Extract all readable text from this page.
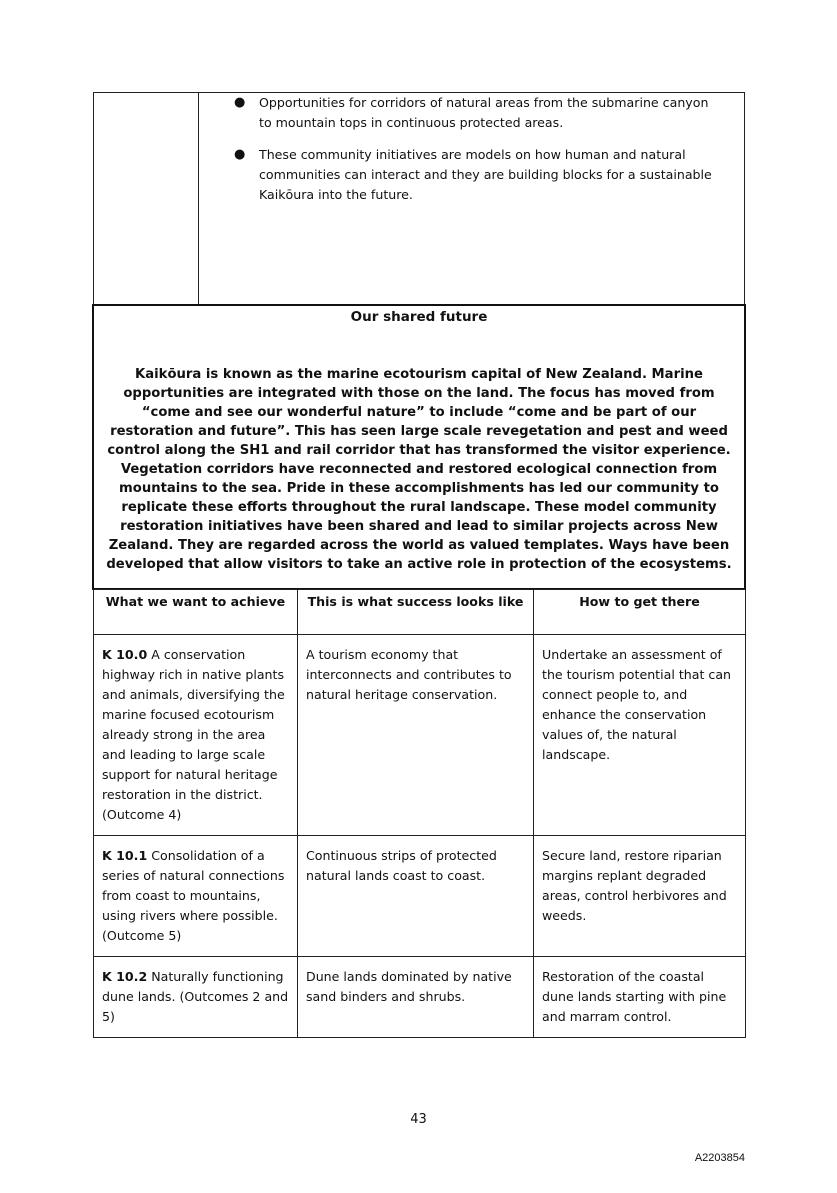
● Opportunities for corridors of natural areas from the submarine canyon to mountain tops in continuous protected areas.
● These community initiatives are models on how human and natural communities can interact and they are building blocks for a sustainable Kaikōura into the future.
Our shared future

Kaikōura is known as the marine ecotourism capital of New Zealand. Marine opportunities are integrated with those on the land. The focus has moved from “come and see our wonderful nature” to include “come and be part of our restoration and future”. This has seen large scale revegetation and pest and weed control along the SH1 and rail corridor that has transformed the visitor experience. Vegetation corridors have reconnected and restored ecological connection from mountains to the sea. Pride in these accomplishments has led our community to replicate these efforts throughout the rural landscape. These model community restoration initiatives have been shared and lead to similar projects across New Zealand. They are regarded across the world as valued templates. Ways have been developed that allow visitors to take an active role in protection of the ecosystems.

What we want to achieve	This is what success looks like	How to get there
K 10.0 A conservation highway rich in native plants and animals, diversifying the marine focused ecotourism already strong in the area and leading to large scale support for natural heritage restoration in the district. (Outcome 4)	A tourism economy that interconnects and contributes to natural heritage conservation.	Undertake an assessment of the tourism potential that can connect people to, and enhance the conservation values of, the natural landscape.
K 10.1 Consolidation of a series of natural connections from coast to mountains, using rivers where possible. (Outcome 5)	Continuous strips of protected natural lands coast to coast.	Secure land, restore riparian margins replant degraded areas, control herbivores and weeds.
K 10.2 Naturally functioning dune lands. (Outcomes 2 and 5)	Dune lands dominated by native sand binders and shrubs.	Restoration of the coastal dune lands starting with pine and marram control.
43
A2203854
